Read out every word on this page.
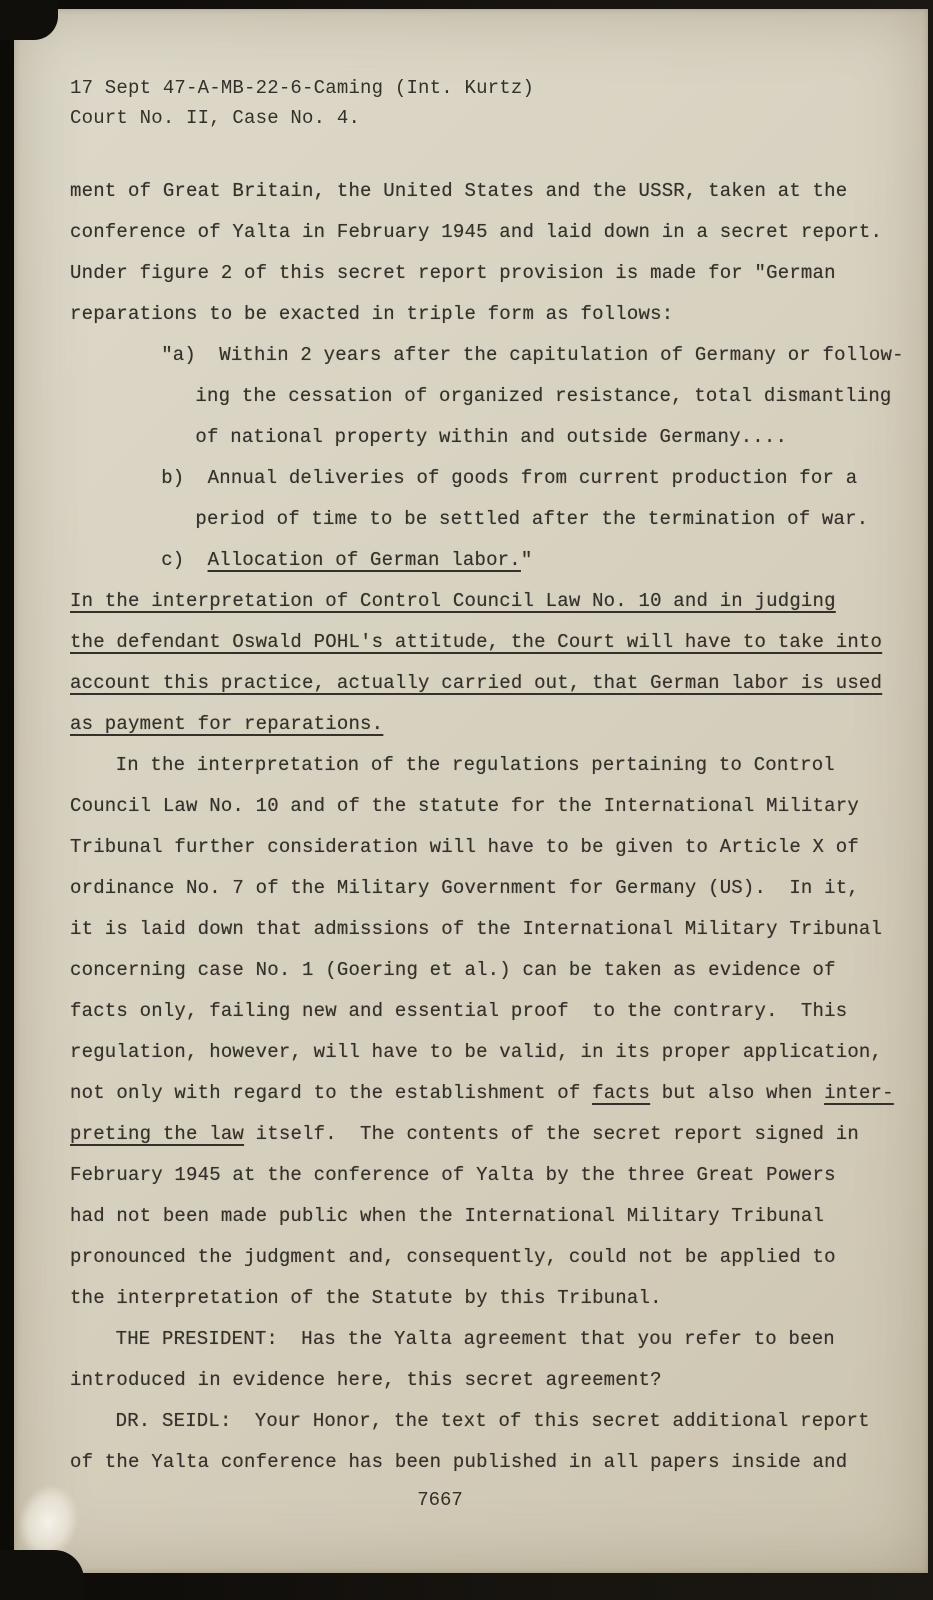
17 Sept 47-A-MB-22-6-Caming (Int. Kurtz)
Court No. II, Case No. 4.
ment of Great Britain, the United States and the USSR, taken at the
conference of Yalta in February 1945 and laid down in a secret report.
Under figure 2 of this secret report provision is made for "German
reparations to be exacted in triple form as follows:
"a)  Within 2 years after the capitulation of Germany or follow-
ing the cessation of organized resistance, total dismantling
of national property within and outside Germany....
b)  Annual deliveries of goods from current production for a
period of time to be settled after the termination of war.
c)  Allocation of German labor."
In the interpretation of Control Council Law No. 10 and in judging
the defendant Oswald POHL's attitude, the Court will have to take into
account this practice, actually carried out, that German labor is used
as payment for reparations.
In the interpretation of the regulations pertaining to Control
Council Law No. 10 and of the statute for the International Military
Tribunal further consideration will have to be given to Article X of
ordinance No. 7 of the Military Government for Germany (US).  In it,
it is laid down that admissions of the International Military Tribunal
concerning case No. 1 (Goering et al.) can be taken as evidence of
facts only, failing new and essential proof  to the contrary.  This
regulation, however, will have to be valid, in its proper application,
not only with regard to the establishment of facts but also when inter-
preting the law itself.  The contents of the secret report signed in
February 1945 at the conference of Yalta by the three Great Powers
had not been made public when the International Military Tribunal
pronounced the judgment and, consequently, could not be applied to
the interpretation of the Statute by this Tribunal.
THE PRESIDENT:  Has the Yalta agreement that you refer to been
introduced in evidence here, this secret agreement?
DR. SEIDL:  Your Honor, the text of this secret additional report
of the Yalta conference has been published in all papers inside and
7667
